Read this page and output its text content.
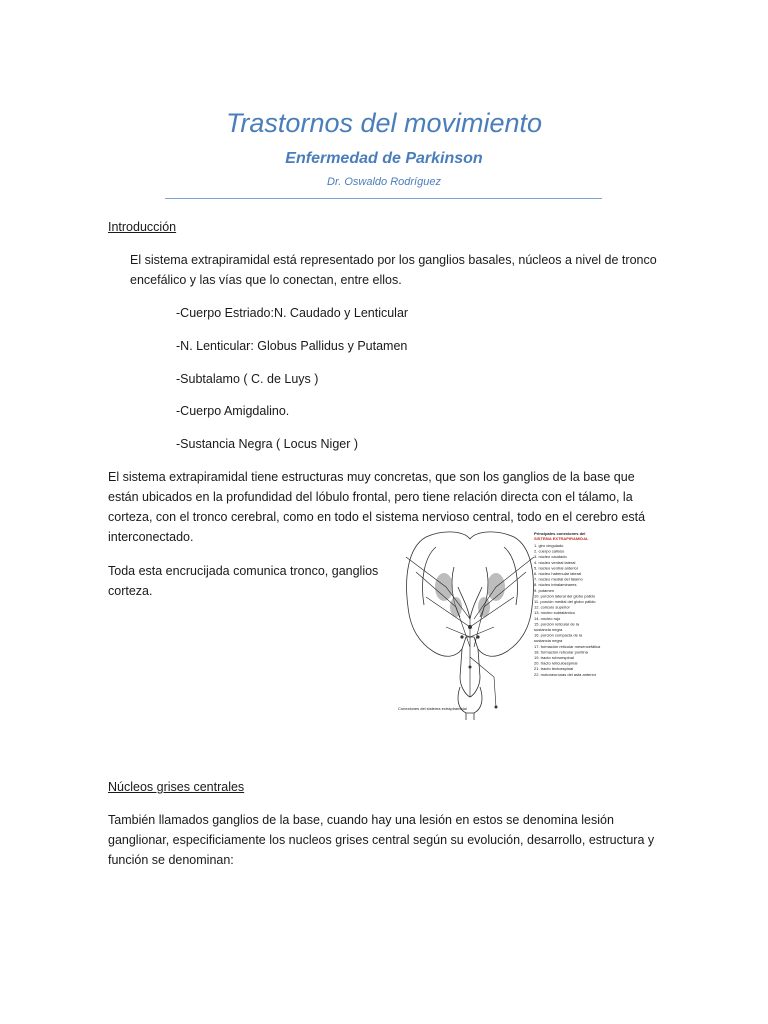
Trastornos del movimiento
Enfermedad de Parkinson
Dr. Oswaldo Rodríguez
Introducción
El sistema extrapiramidal está representado por los ganglios basales, núcleos a nivel de tronco
encefálico y las vías que lo conectan, entre ellos.
-Cuerpo Estriado:N. Caudado y Lenticular
-N. Lenticular: Globus Pallidus y Putamen
-Subtalamo ( C. de Luys )
-Cuerpo Amigdalino.
-Sustancia Negra ( Locus Niger )
El sistema extrapiramidal tiene estructuras muy concretas, que son los ganglios de la base que
están ubicados en la profundidad del lóbulo frontal, pero tiene relación directa con el tálamo, la
corteza, con el tronco cerebral, como en todo el sistema nervioso central, todo en el cerebro está
interconectado.
Toda esta encrucijada comunica tronco, ganglios
corteza.
Principales conexiones del
SISTEMA EXTRAPIRAMIDAL
1. giro cingulado
2. cuerpo calloso
3. núcleo caudado
4. núcleo ventral lateral
5. núcleo ventral anterior
6. núcleo habenular lateral
7. núcleo medial del tálamo
8. núcleo intralaminares
9. putamen
10. porción lateral del globo pálido
11. porción medial del globo pálido
12. colículo superior
13. núcleo subtalámico
14. núcleo rojo
15. porción reticular de la
sustancia negra
16. porción compacta de la
sustancia negra
17. formación reticular mesencefálica
18. formación reticular pontina
19. tracto rubroespinal
20. tracto reticuloespinal
21. tracto tectoespinal
22. motoneuronas del asta anterior
Conexiones del sistema extrapiramidal
Núcleos grises centrales
También llamados ganglios de la base, cuando hay una lesión en estos se denomina lesión
ganglionar, especificiamente los nucleos grises central según su evolución, desarrollo, estructura y
función se denominan:
